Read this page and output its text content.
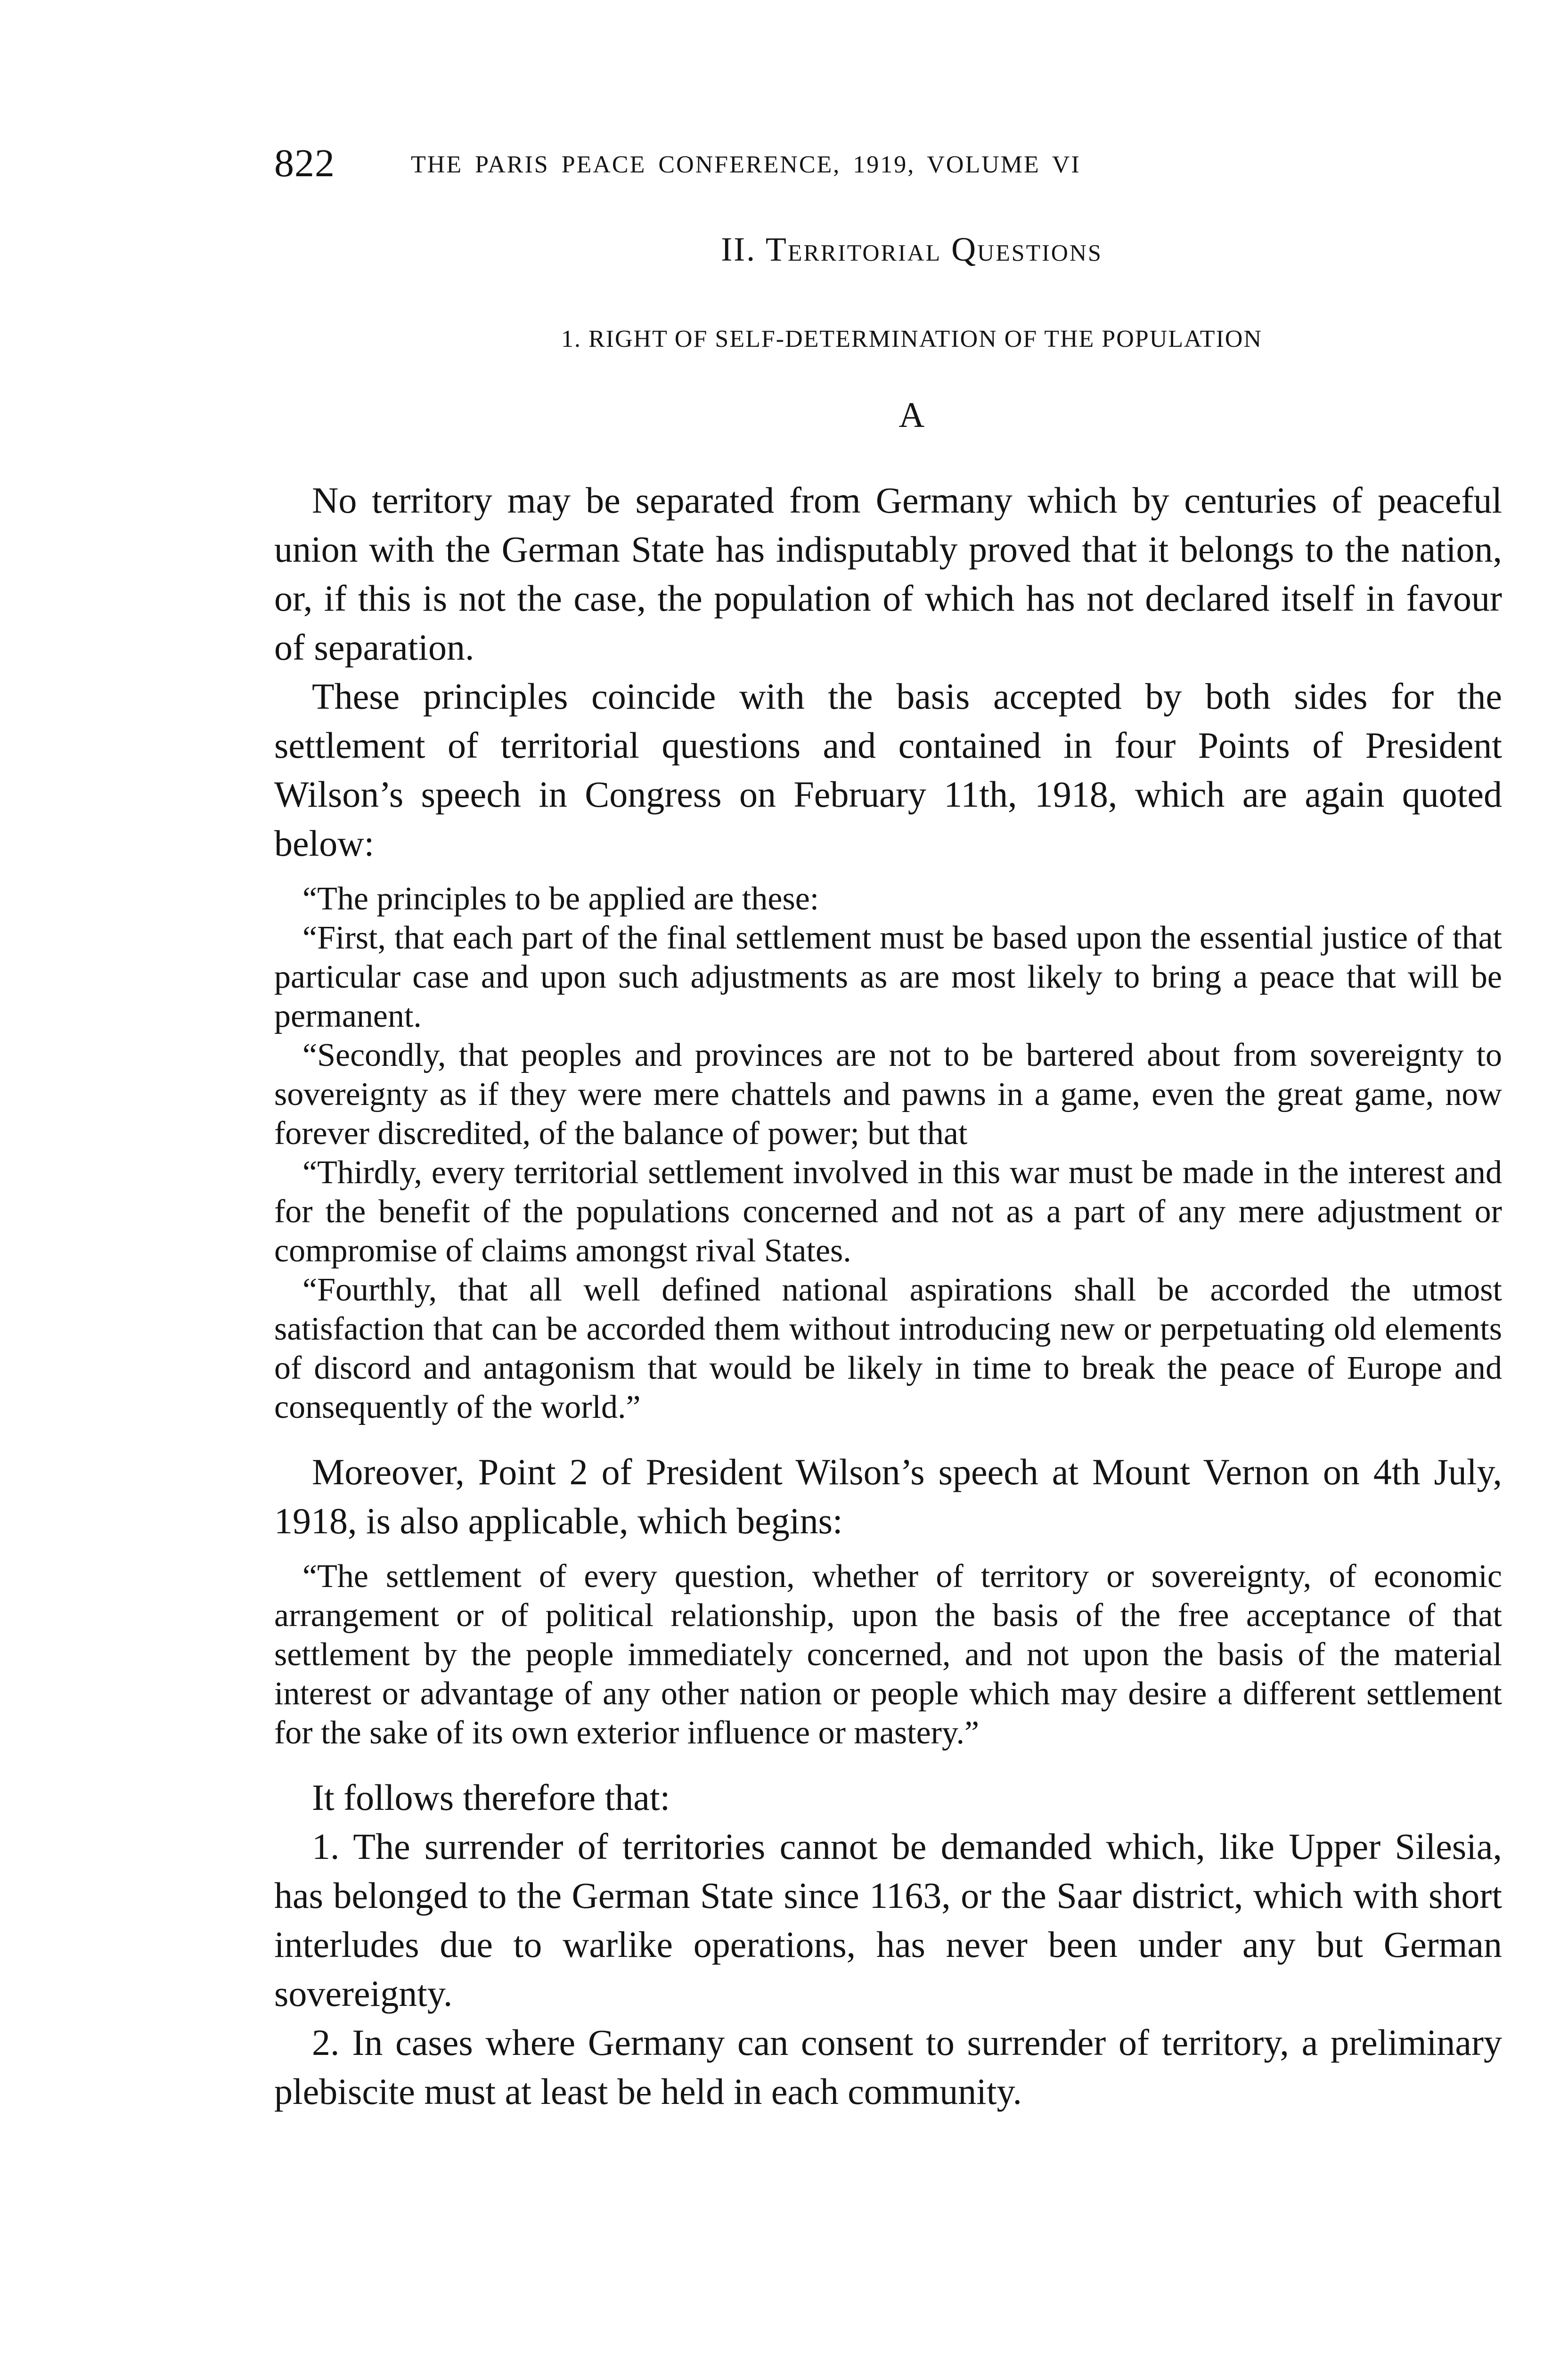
822	THE PARIS PEACE CONFERENCE, 1919, VOLUME VI
II. Territorial Questions
1. RIGHT OF SELF-DETERMINATION OF THE POPULATION
A

No territory may be separated from Germany which by centuries of peaceful union with the German State has indisputably proved that it belongs to the nation, or, if this is not the case, the population of which has not declared itself in favour of separation.

These principles coincide with the basis accepted by both sides for the settlement of territorial questions and contained in four Points of President Wilson’s speech in Congress on February 11th, 1918, which are again quoted below:

“The principles to be applied are these:

“First, that each part of the final settlement must be based upon the essential justice of that particular case and upon such adjustments as are most likely to bring a peace that will be permanent.

“Secondly, that peoples and provinces are not to be bartered about from sovereignty to sovereignty as if they were mere chattels and pawns in a game, even the great game, now forever discredited, of the balance of power; but that

“Thirdly, every territorial settlement involved in this war must be made in the interest and for the benefit of the populations concerned and not as a part of any mere adjustment or compromise of claims amongst rival States.

“Fourthly, that all well defined national aspirations shall be accorded the utmost satisfaction that can be accorded them without introducing new or perpetuating old elements of discord and antagonism that would be likely in time to break the peace of Europe and consequently of the world.”

Moreover, Point 2 of President Wilson’s speech at Mount Vernon on 4th July, 1918, is also applicable, which begins:

“The settlement of every question, whether of territory or sovereignty, of economic arrangement or of political relationship, upon the basis of the free acceptance of that settlement by the people immediately concerned, and not upon the basis of the material interest or advantage of any other nation or people which may desire a different settlement for the sake of its own exterior influence or mastery.”

It follows therefore that:

1. The surrender of territories cannot be demanded which, like Upper Silesia, has belonged to the German State since 1163, or the Saar district, which with short interludes due to warlike operations, has never been under any but German sovereignty.

2. In cases where Germany can consent to surrender of territory, a preliminary plebiscite must at least be held in each community.
